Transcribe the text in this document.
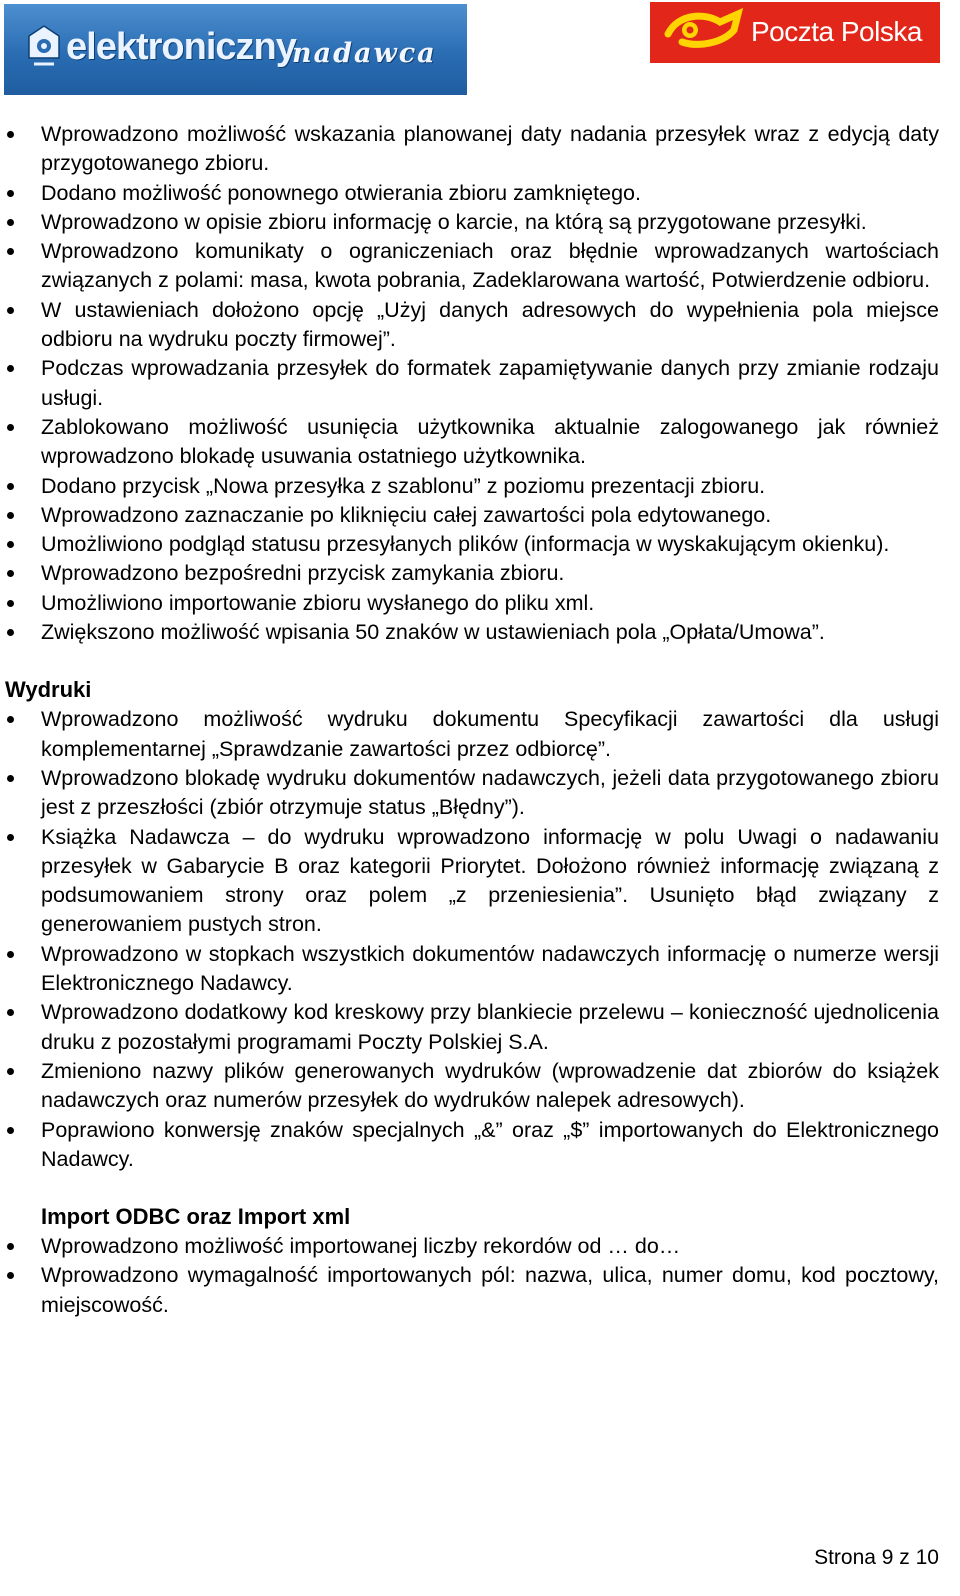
elektroniczny
nadawca
Poczta Polska
Wprowadzono możliwość wskazania planowanej daty nadania przesyłek wraz z edycją daty przygotowanego zbioru.
Dodano możliwość ponownego otwierania zbioru zamkniętego.
Wprowadzono w opisie zbioru informację o karcie, na którą są przygotowane przesyłki.
Wprowadzono komunikaty o ograniczeniach oraz błędnie wprowadzanych wartościach związanych z polami: masa, kwota pobrania, Zadeklarowana wartość, Potwierdzenie odbioru.
W ustawieniach dołożono opcję „Użyj danych adresowych do wypełnienia pola miejsce odbioru na wydruku poczty firmowej”.
Podczas wprowadzania przesyłek do formatek zapamiętywanie danych przy zmianie rodzaju usługi.
Zablokowano możliwość usunięcia użytkownika aktualnie zalogowanego jak również wprowadzono blokadę usuwania ostatniego użytkownika.
Dodano przycisk „Nowa przesyłka z szablonu” z poziomu prezentacji zbioru.
Wprowadzono zaznaczanie po kliknięciu całej zawartości pola edytowanego.
Umożliwiono podgląd statusu przesyłanych plików (informacja w wyskakującym okienku).
Wprowadzono bezpośredni przycisk zamykania zbioru.
Umożliwiono importowanie zbioru wysłanego do pliku xml.
Zwiększono możliwość wpisania 50 znaków w ustawieniach pola „Opłata/Umowa”.
Wydruki
Wprowadzono możliwość wydruku dokumentu Specyfikacji zawartości dla usługi komplementarnej „Sprawdzanie zawartości przez odbiorcę”.
Wprowadzono blokadę wydruku dokumentów nadawczych, jeżeli data przygotowanego zbioru jest z przeszłości (zbiór otrzymuje status „Błędny”).
Książka Nadawcza – do wydruku wprowadzono informację w polu Uwagi o nadawaniu przesyłek w Gabarycie B oraz kategorii Priorytet. Dołożono również informację związaną z podsumowaniem strony oraz polem „z przeniesienia”. Usunięto błąd związany z generowaniem pustych stron.
Wprowadzono w stopkach wszystkich dokumentów nadawczych informację o numerze wersji Elektronicznego Nadawcy.
Wprowadzono dodatkowy kod kreskowy przy blankiecie przelewu – konieczność ujednolicenia druku z pozostałymi programami Poczty Polskiej S.A.
Zmieniono nazwy plików generowanych wydruków (wprowadzenie dat zbiorów do książek nadawczych oraz numerów przesyłek do wydruków nalepek adresowych).
Poprawiono konwersję znaków specjalnych „&” oraz „$” importowanych do Elektronicznego Nadawcy.
Import ODBC oraz Import xml
Wprowadzono możliwość importowanej liczby rekordów od … do…
Wprowadzono wymagalność importowanych pól: nazwa, ulica, numer domu, kod pocztowy, miejscowość.
Strona 9 z 10
